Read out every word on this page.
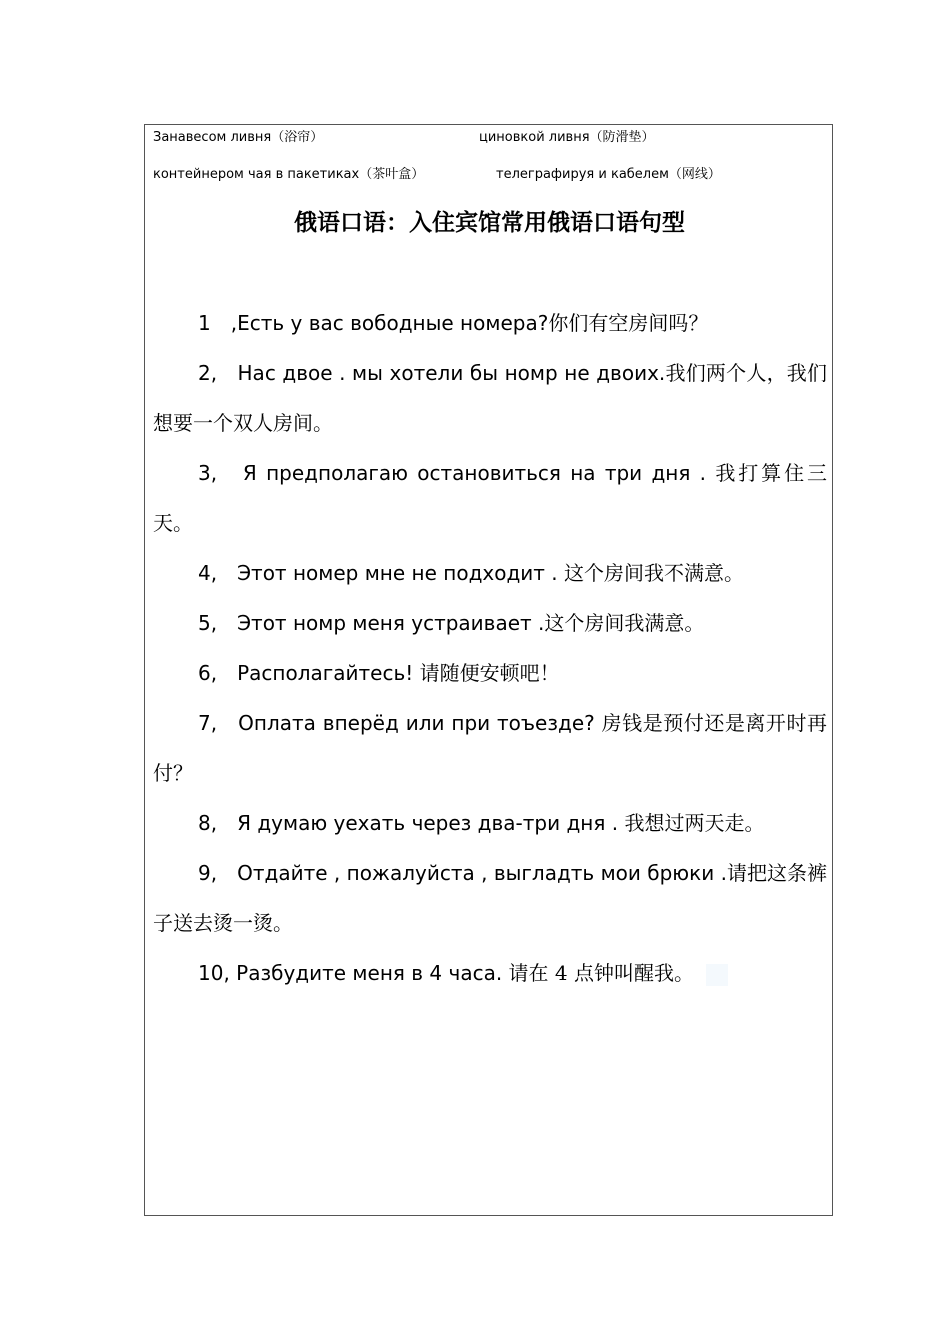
Занавесом ливня（浴帘）	циновкой ливня（防滑垫）
контейнером чая в пакетиках（茶叶盒）	телеграфируя и кабелем（网线）
俄语口语：入住宾馆常用俄语口语句型

1　,Есть у вас вободные номера?你们有空房间吗？

2,　Нас двое . мы хотели бы номр не двоих.我们两个人，我们想要一个双人房间。

3,　Я предполагаю остановиться на три дня . 我打算住三天。

4,　Этот номер мне не подходит . 这个房间我不满意。

5,　Этот номр меня устраивает .这个房间我满意。

6,　Располагайтесь! 请随便安顿吧！

7,　Оплата вперёд или при тоъезде? 房钱是预付还是离开时再付？

8,　Я думаю уехать через два-три дня . 我想过两天走。

9,　Отдайте , пожалуйста , выгладть мои брюки .请把这条裤子送去烫一烫。

10, Разбудите меня в 4 часа. 请在 4 点钟叫醒我。
